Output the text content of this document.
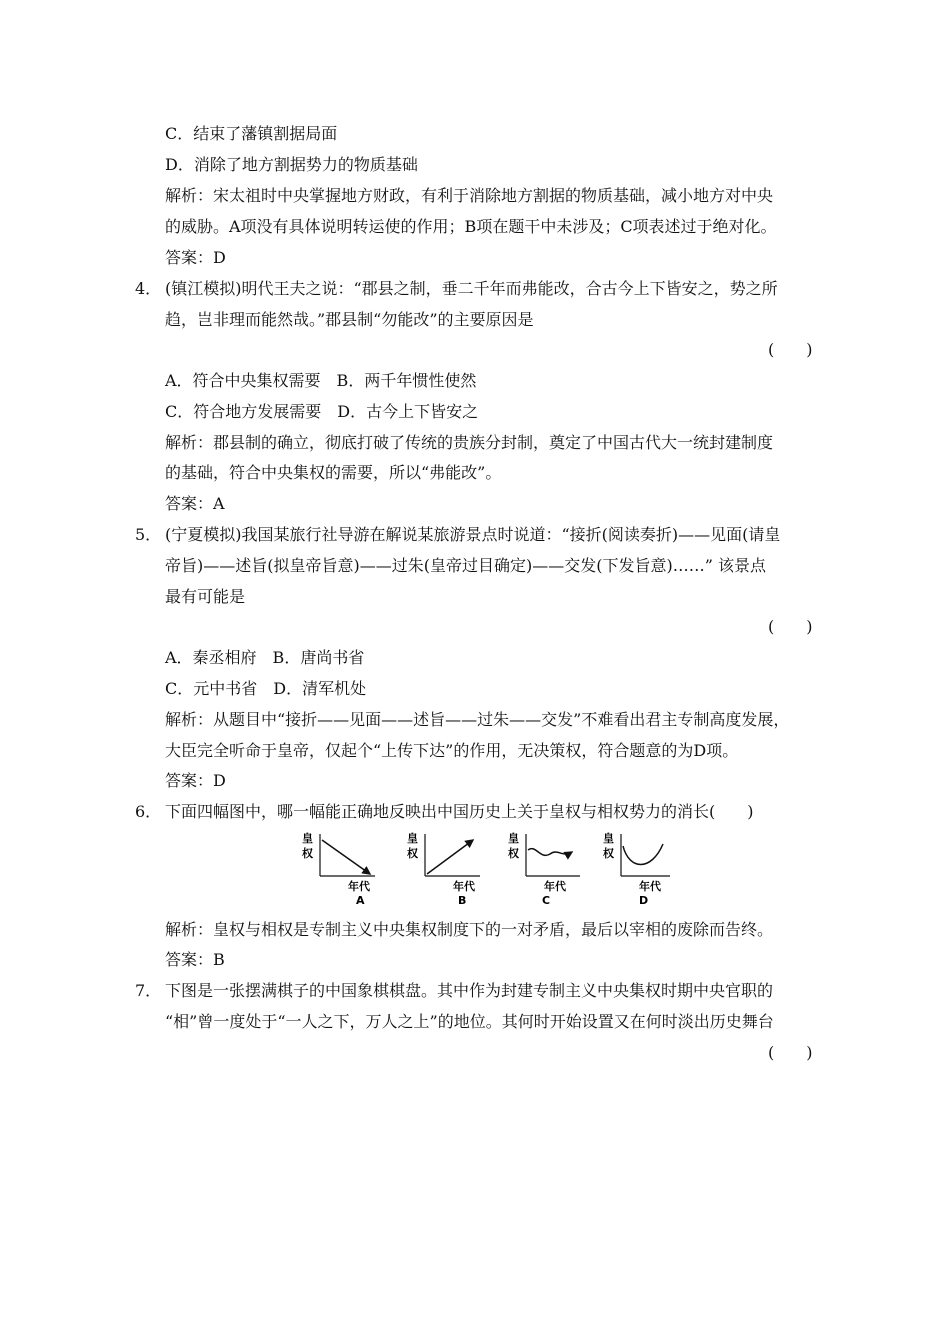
C．结束了藩镇割据局面
D．消除了地方割据势力的物质基础
解析：宋太祖时中央掌握地方财政，有利于消除地方割据的物质基础，减小地方对中央
的威胁。A项没有具体说明转运使的作用；B项在题干中未涉及；C项表述过于绝对化。
答案：D
4． (镇江模拟)明代王夫之说：“郡县之制，垂二千年而弗能改，合古今上下皆安之，势之所
趋，岂非理而能然哉。”郡县制“勿能改”的主要原因是
(　　)
A．符合中央集权需要　B．两千年惯性使然
C．符合地方发展需要　D．古今上下皆安之
解析：郡县制的确立，彻底打破了传统的贵族分封制，奠定了中国古代大一统封建制度
的基础，符合中央集权的需要，所以“弗能改”。
答案：A
5． (宁夏模拟)我国某旅行社导游在解说某旅游景点时说道：“接折(阅读奏折)——见面(请皇
帝旨)——述旨(拟皇帝旨意)——过朱(皇帝过目确定)——交发(下发旨意)……” 该景点
最有可能是
(　　)
A．秦丞相府　B．唐尚书省
C．元中书省　D．清军机处
解析：从题目中“接折——见面——述旨——过朱——交发”不难看出君主专制高度发展，
大臣完全听命于皇帝，仅起个“上传下达”的作用，无决策权，符合题意的为D项。
答案：D
6． 下面四幅图中，哪一幅能正确地反映出中国历史上关于皇权与相权势力的消长(　　)
皇
权
年代
A
皇
权
年代
B
皇
权
年代
C
皇
权
年代
D
解析：皇权与相权是专制主义中央集权制度下的一对矛盾，最后以宰相的废除而告终。
答案：B
7． 下图是一张摆满棋子的中国象棋棋盘。其中作为封建专制主义中央集权时期中央官职的
“相”曾一度处于“一人之下，万人之上”的地位。其何时开始设置又在何时淡出历史舞台
(　　)
